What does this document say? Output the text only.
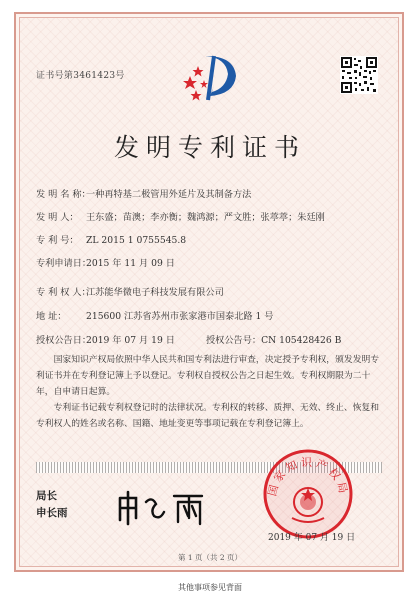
证书号第3461423号
发明专利证书
发 明 名 称：一种再特基二极管用外延片及其制备方法
发 明 人： 王东盛；苗澳；李亦衡；魏鸿源；严文胜；张葶葶；朱廷刚
专 利 号： ZL 2015 1 0755545.8
专利申请日：2015 年 11 月 09 日
专 利 权 人：江苏能华微电子科技发展有限公司
地 址： 215600 江苏省苏州市张家港市国泰北路 1 号
授权公告日：2019 年 07 月 19 日	授权公告号：CN 105428426 B
国家知识产权局依照中华人民共和国专利法进行审查，决定授予专利权，颁发发明专利证书并在专利登记簿上予以登记。专利权自授权公告之日起生效。专利权期限为二十年，自申请日起算。
专利证书记载专利权登记时的法律状况。专利权的转移、质押、无效、终止、恢复和专利权人的姓名或名称、国籍、地址变更等事项记载在专利登记簿上。
局长
申长雨
国家知识产权局
2019 年 07 月 19 日
第 1 页（共 2 页）
其他事项参见背面
